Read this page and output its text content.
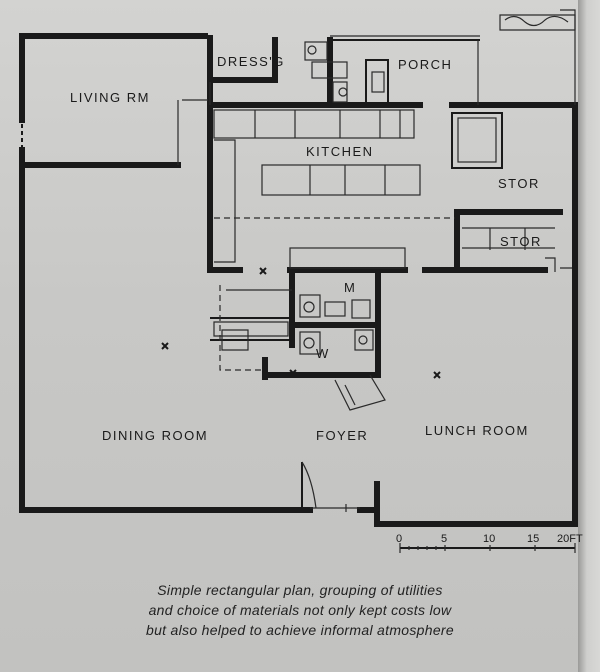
LIVING RM
DRESS'G	PORCH
KITCHEN
STOR
STOR
M
W
DINING ROOM	FOYER	LUNCH ROOM
0	5	10	15 20FT
Simple rectangular plan, grouping of utilities
and choice of materials not only kept costs low
but also helped to achieve informal atmosphere
